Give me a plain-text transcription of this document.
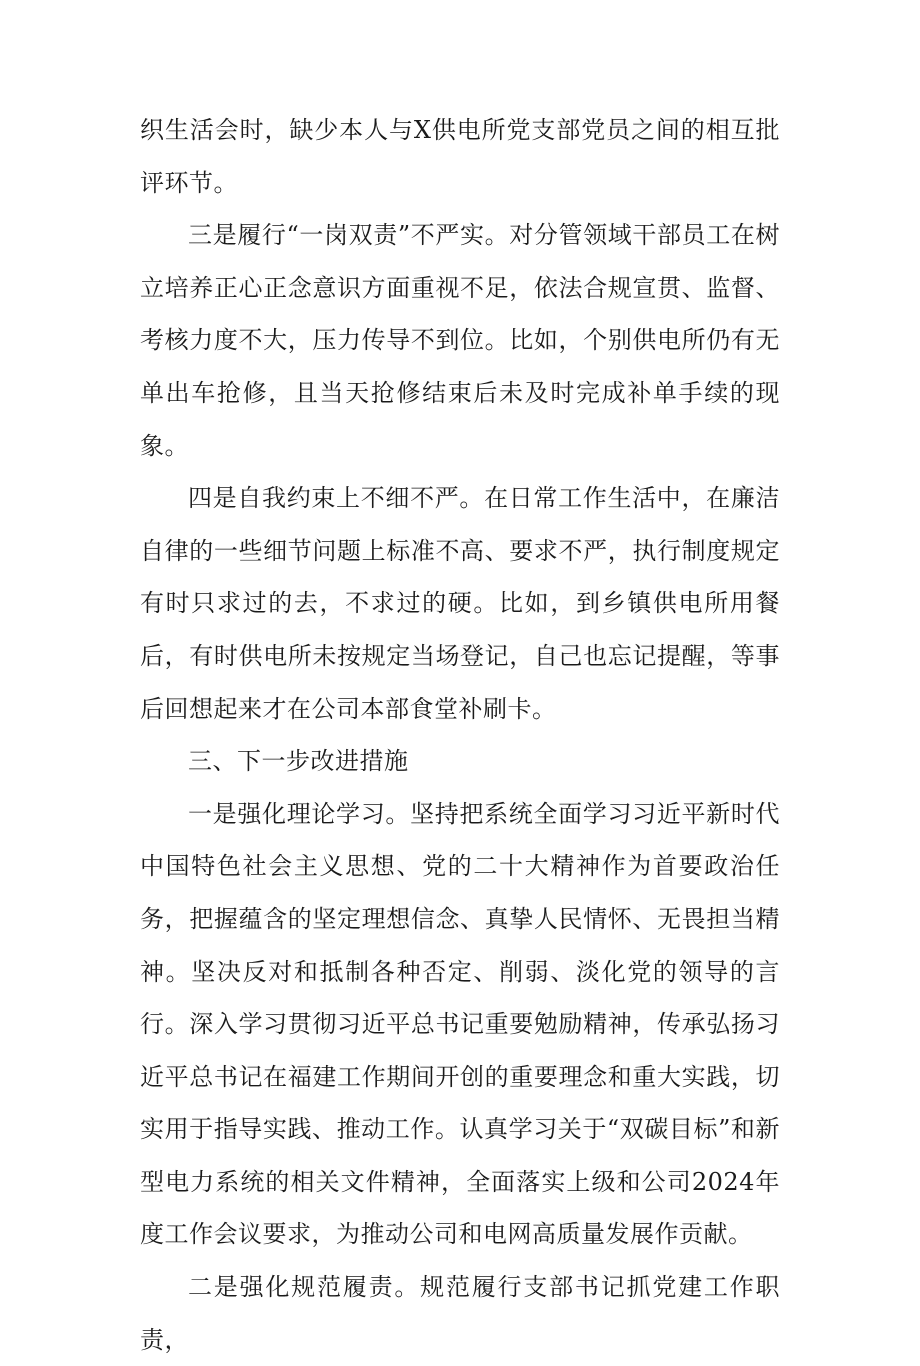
织生活会时，缺少本人与X供电所党支部党员之间的相互批评环节。

三是履行“一岗双责”不严实。对分管领域干部员工在树立培养正心正念意识方面重视不足，依法合规宣贯、监督、考核力度不大，压力传导不到位。比如，个别供电所仍有无单出车抢修，且当天抢修结束后未及时完成补单手续的现象。

四是自我约束上不细不严。在日常工作生活中，在廉洁自律的一些细节问题上标准不高、要求不严，执行制度规定有时只求过的去，不求过的硬。比如，到乡镇供电所用餐后，有时供电所未按规定当场登记，自己也忘记提醒，等事后回想起来才在公司本部食堂补刷卡。

三、下一步改进措施

一是强化理论学习。坚持把系统全面学习习近平新时代中国特色社会主义思想、党的二十大精神作为首要政治任务，把握蕴含的坚定理想信念、真挚人民情怀、无畏担当精神。坚决反对和抵制各种否定、削弱、淡化党的领导的言行。深入学习贯彻习近平总书记重要勉励精神，传承弘扬习近平总书记在福建工作期间开创的重要理念和重大实践，切实用于指导实践、推动工作。认真学习关于“双碳目标”和新型电力系统的相关文件精神，全面落实上级和公司2024年度工作会议要求，为推动公司和电网高质量发展作贡献。

二是强化规范履责。规范履行支部书记抓党建工作职责，
